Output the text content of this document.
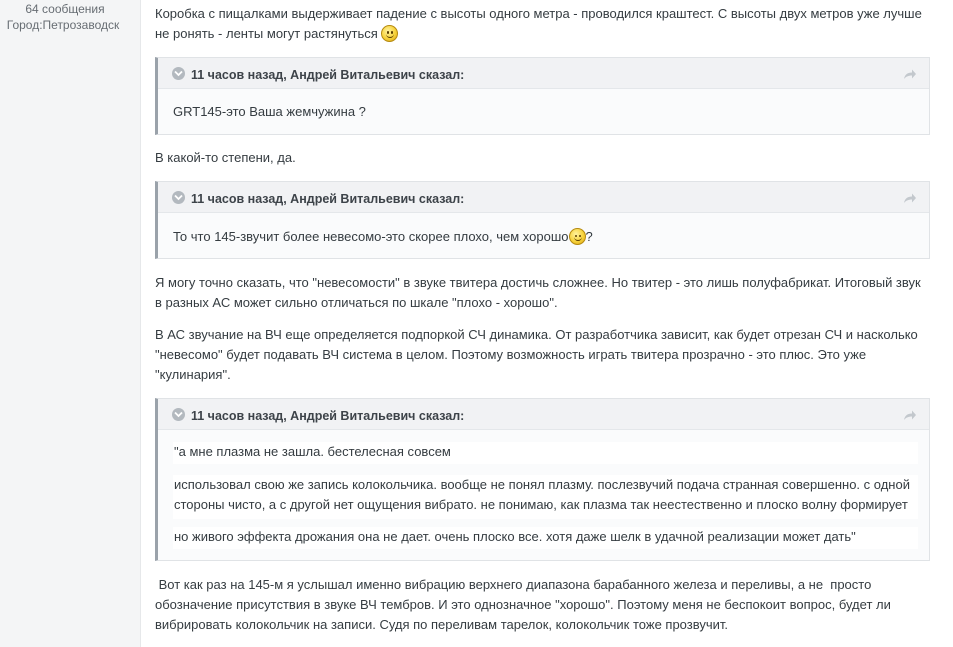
64 сообщения
Город:Петрозаводск

Коробка с пищалками выдерживает падение с высоты одного метра - проводился краштест. С высоты двух метров уже лучше не ронять - ленты могут растянуться

11 часов назад, Андрей Витальевич сказал:

GRT145-это Ваша жемчужина ?

В какой-то степени, да.

11 часов назад, Андрей Витальевич сказал:

То что 145-звучит более невесомо-это скорее плохо, чем хорошо ?

Я могу точно сказать, что "невесомости" в звуке твитера достичь сложнее. Но твитер - это лишь полуфабрикат. Итоговый звук в разных АС может сильно отличаться по шкале "плохо - хорошо".

В АС звучание на ВЧ еще определяется подпоркой СЧ динамика. От разработчика зависит, как будет отрезан СЧ и насколько "невесомо" будет подавать ВЧ система в целом. Поэтому возможность играть твитера прозрачно - это плюс. Это уже "кулинария".

11 часов назад, Андрей Витальевич сказал:

"а мне плазма не зашла. бестелесная совсем

использовал свою же запись колокольчика. вообще не понял плазму. послезвучий подача странная совершенно. с одной стороны чисто, а с другой нет ощущения вибрато. не понимаю, как плазма так неестественно и плоско волну формирует

но живого эффекта дрожания она не дает. очень плоско все. хотя даже шелк в удачной реализации может дать"

Вот как раз на 145-м я услышал именно вибрацию верхнего диапазона барабанного железа и переливы, а не  просто обозначение присутствия в звуке ВЧ тембров. И это однозначное "хорошо". Поэтому меня не беспокоит вопрос, будет ли вибрировать колокольчик на записи. Судя по переливам тарелок, колокольчик тоже прозвучит.
